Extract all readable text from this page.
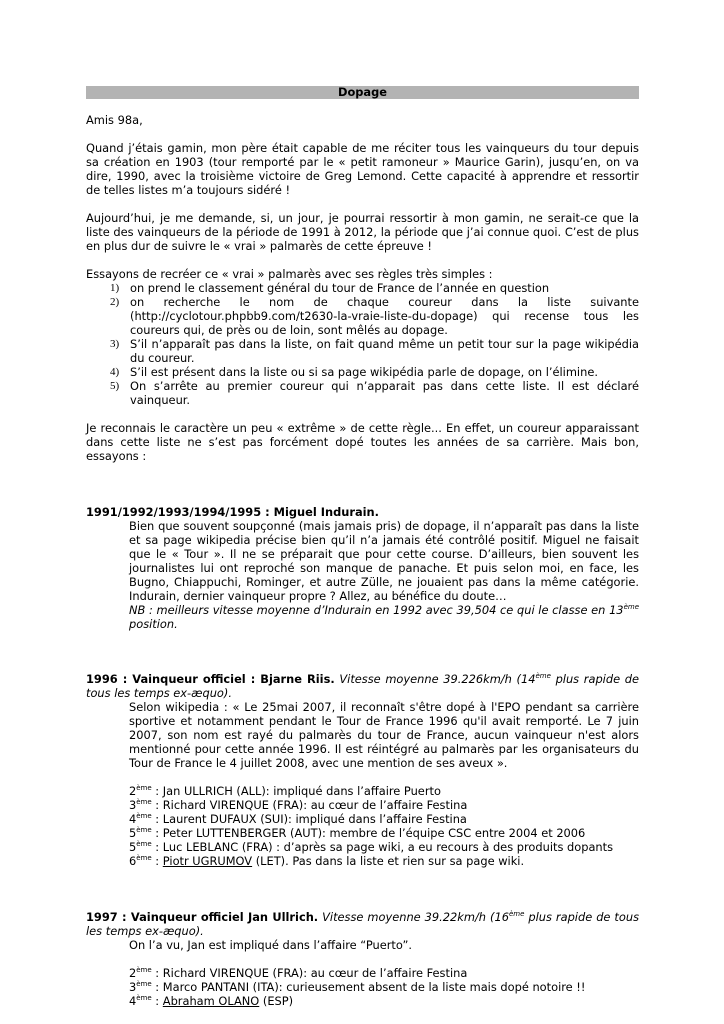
Dopage

Amis 98a,

Quand j’étais gamin, mon père était capable de me réciter tous les vainqueurs du tour depuis sa création en 1903 (tour remporté par le « petit ramoneur » Maurice Garin), jusqu’en, on va dire, 1990, avec la troisième victoire de Greg Lemond. Cette capacité à apprendre et ressortir de telles listes m’a toujours sidéré !

Aujourd’hui, je me demande, si, un jour, je pourrai ressortir à mon gamin, ne serait-ce que la liste des vainqueurs de la période de 1991 à 2012, la période que j’ai connue quoi. C’est de plus en plus dur de suivre le « vrai » palmarès de cette épreuve !

Essayons de recréer ce « vrai » palmarès avec ses règles très simples :

1) on prend le classement général du tour de France de l’année en question
2) on recherche le nom de chaque coureur dans la liste suivante (http://cyclotour.phpbb9.com/t2630-la-vraie-liste-du-dopage) qui recense tous les coureurs qui, de près ou de loin, sont mêlés au dopage.
3) S’il n’apparaît pas dans la liste, on fait quand même un petit tour sur la page wikipédia du coureur.
4) S’il est présent dans la liste ou si sa page wikipédia parle de dopage, on l’élimine.
5) On s’arrête au premier coureur qui n’apparait pas dans cette liste. Il est déclaré vainqueur.

Je reconnais le caractère un peu « extrême » de cette règle... En effet, un coureur apparaissant dans cette liste ne s’est pas forcément dopé toutes les années de sa carrière. Mais bon, essayons :

1991/1992/1993/1994/1995 : Miguel Indurain.

Bien que souvent soupçonné (mais jamais pris) de dopage, il n’apparaît pas dans la liste et sa page wikipedia précise bien qu’il n’a jamais été contrôlé positif. Miguel ne faisait que le « Tour ». Il ne se préparait que pour cette course. D’ailleurs, bien souvent les journalistes lui ont reproché son manque de panache. Et puis selon moi, en face, les Bugno, Chiappuchi, Rominger, et autre Zülle, ne jouaient pas dans la même catégorie. Indurain, dernier vainqueur propre ? Allez, au bénéfice du doute…

NB : meilleurs vitesse moyenne d’Indurain en 1992 avec 39,504 ce qui le classe en 13ème position.

1996 : Vainqueur officiel : Bjarne Riis. Vitesse moyenne 39.226km/h (14ème plus rapide de tous les temps ex-æquo).

Selon wikipedia : « Le 25mai 2007, il reconnaît s'être dopé à l'EPO pendant sa carrière sportive et notamment pendant le Tour de France 1996 qu'il avait remporté. Le 7 juin 2007, son nom est rayé du palmarès du tour de France, aucun vainqueur n'est alors mentionné pour cette année 1996. Il est réintégré au palmarès par les organisateurs du Tour de France le 4 juillet 2008, avec une mention de ses aveux ».

2ème : Jan ULLRICH (ALL): impliqué dans l’affaire Puerto
3ème : Richard VIRENQUE (FRA): au cœur de l’affaire Festina
4ème : Laurent DUFAUX (SUI): impliqué dans l’affaire Festina
5ème : Peter LUTTENBERGER (AUT): membre de l’équipe CSC entre 2004 et 2006
5ème : Luc LEBLANC (FRA) : d’après sa page wiki, a eu recours à des produits dopants
6ème : Piotr UGRUMOV (LET). Pas dans la liste et rien sur sa page wiki.

1997 : Vainqueur officiel Jan Ullrich. Vitesse moyenne 39.22km/h (16ème plus rapide de tous les temps ex-æquo).

On l’a vu, Jan est impliqué dans l’affaire “Puerto”.

2ème : Richard VIRENQUE (FRA): au cœur de l’affaire Festina
3ème : Marco PANTANI (ITA): curieusement absent de la liste mais dopé notoire !!
4ème : Abraham OLANO (ESP)
